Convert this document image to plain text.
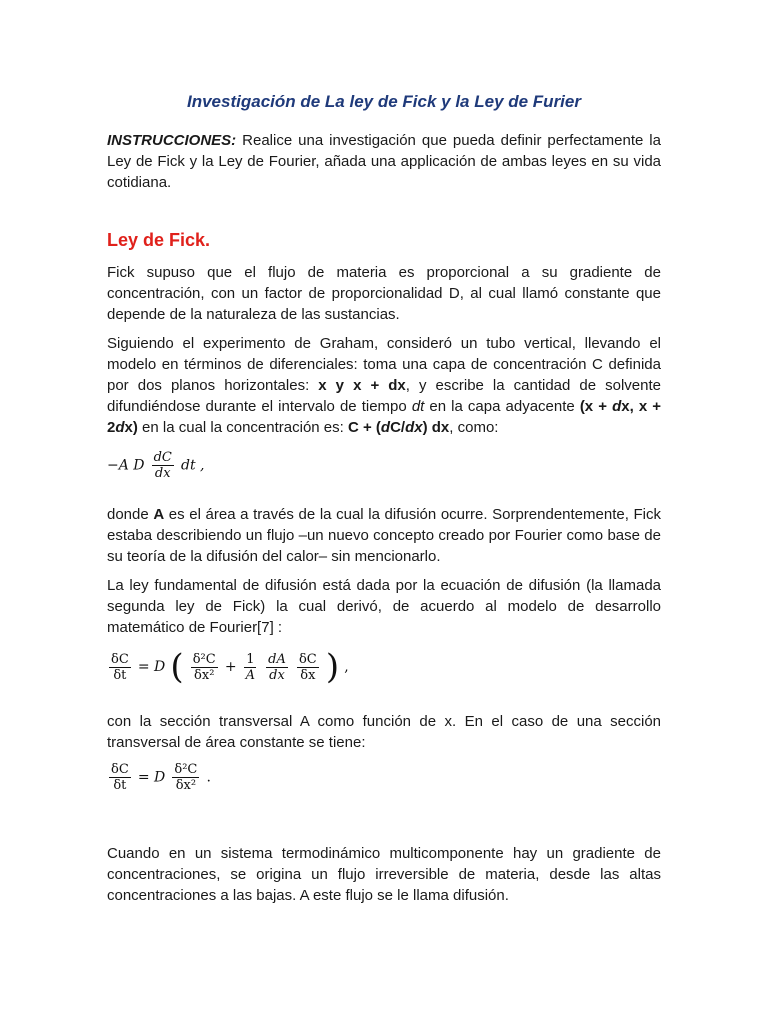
Investigación de La ley de Fick y la Ley de Furier

INSTRUCCIONES: Realice una investigación que pueda definir perfectamente la Ley de Fick y la Ley de Fourier, añada una applicación de ambas leyes en su vida cotidiana.

Ley de Fick.

Fick supuso que el flujo de materia es proporcional a su gradiente de concentración, con un factor de proporcionalidad D, al cual llamó constante que depende de la naturaleza de las sustancias.

Siguiendo el experimento de Graham, consideró un tubo vertical, llevando el modelo en términos de diferenciales: toma una capa de concentración C definida por dos planos horizontales: x y x + dx, y escribe la cantidad de solvente difundiéndose durante el intervalo de tiempo dt en la capa adyacente (x + dx, x + 2dx) en la cual la concentración es: C + (dC/dx) dx, como:

−A D $\frac{dC}{dx}$ dt ,

donde A es el área a través de la cual la difusión ocurre. Sorprendentemente, Fick estaba describiendo un flujo –un nuevo concepto creado por Fourier como base de su teoría de la difusión del calor– sin mencionarlo.

La ley fundamental de difusión está dada por la ecuación de difusión (la llamada segunda ley de Fick) la cual derivó, de acuerdo al modelo de desarrollo matemático de Fourier[7] :

$\frac{\delta C}{\delta t} = D$ ( $\frac{\text{δ²C}}{\text{δx²}} + \frac{1}{A}$
$\frac{dA}{dx}$
$\frac{\delta C}{\delta x}$ ) ,

con la sección transversal A como función de x. En el caso de una sección transversal de área constante se tiene:

$\frac{\delta C}{\delta t} = D \frac{\text{δ²C}}{\text{δx²}}$ .

Cuando en un sistema termodinámico multicomponente hay un gradiente de concentraciones, se origina un flujo irreversible de materia, desde las altas concentraciones a las bajas. A este flujo se le llama difusión.
